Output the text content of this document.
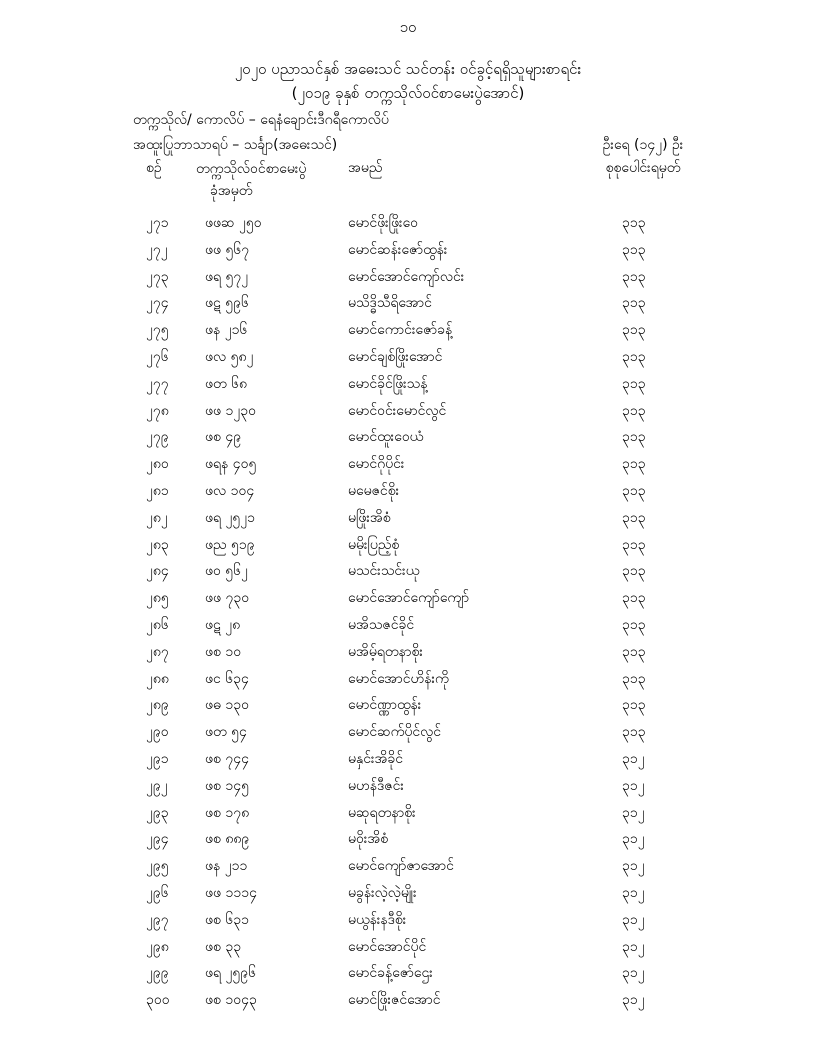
၁၀
၂၀၂၀ ပညာသင်နှစ် အဓေးသင် သင်တန်း ဝင်ခွင့်ရရှိသူများစာရင်း
(၂၀၁၉ ခုနှစ် တက္ကသိုလ်ဝင်စာမေးပွဲအောင်)
တက္ကသိုလ်/ ကောလိပ် – ရေနံချောင်းဒီဂရီကောလိပ်
အထူးပြုဘာသာရပ် – သင်္ချာ(အဓေးသင်)	ဦးရေ (၁၄၂) ဦး
စဉ်	တက္ကသိုလ်ဝင်စာမေးပွဲ
ခုံအမှတ်
အမည်	စုစုပေါင်းရမှတ်
၂၇၁	ဖဖဆ ၂၅၀	မောင်ဖိုးဖြိုးဝေ	၃၁၃
၂၇၂	ဖဖ ၅၆၇	မောင်ဆန်းဇော်ထွန်း	၃၁၃
၂၇၃	ဖရ ၅၇၂	မောင်အောင်ကျော်လင်း	၃၁၃
၂၇၄	ဖဋ ၅၉၆	မသိဒ္ဓိသီရိအောင်	၃၁၃
၂၇၅	ဖန ၂၁၆	မောင်ကောင်းဇော်ခန့်	၃၁၃
၂၇၆	ဖလ ၅၈၂	မောင်ချစ်ဖြိုးအောင်	၃၁၃
၂၇၇	ဖတ ၆၈	မောင်ခိုင်ဖြိုးသန့်	၃၁၃
၂၇၈	ဖဖ ၁၂၃၀	မောင်ဝင်းမောင်လွင်	၃၁၃
၂၇၉	ဖစ ၄၉	မောင်ထူးဝေယံ	၃၁၃
၂၈၀	ဖရန ၄၀၅	မောင်ဂိုပိုင်း	၃၁၃
၂၈၁	ဖလ ၁၀၄	မမေဇင်စိုး	၃၁၃
၂၈၂	ဖရ ၂၅၂၁	မဖြိုးအိစံ	၃၁၃
၂၈၃	ဖည ၅၁၉	မမိုးပြည့်စုံ	၃၁၃
၂၈၄	ဖဝ ၅၆၂	မသင်းသင်းယု	၃၁၃
၂၈၅	ဖဖ ၇၃၀	မောင်အောင်ကျော်ကျော်	၃၁၃
၂၈၆	ဖဋ ၂၈	မအိသဇင်ခိုင်	၃၁၃
၂၈၇	ဖစ ၁၀	မအိမ့်ရတနာစိုး	၃၁၃
၂၈၈	ဖင ၆၃၄	မောင်အောင်ဟိန်းကို	၃၁၃
၂၈၉	ဖဓ ၁၃၀	မောင်ဏ္ဏာထွန်း	၃၁၃
၂၉၀	ဖတ ၅၄	မောင်ဆက်ပိုင်လွင်	၃၁၃
၂၉၁	ဖစ ၇၄၄	မနှင်းအိခိုင်	၃၁၂
၂၉၂	ဖစ ၁၄၅	မဟန်ဒီဇင်း	၃၁၂
၂၉၃	ဖစ ၁၇၈	မဆုရတနာစိုး	၃၁၂
၂၉၄	ဖစ ၈၈၉	မဝိုးအိစံ	၃၁၂
၂၉၅	ဖန ၂၁၁	မောင်ကျော်ဇာအောင်	၃၁၂
၂၉၆	ဖဖ ၁၁၁၄	မခွန်းလဲ့လဲ့မျိုး	၃၁၂
၂၉၇	ဖစ ၆၃၁	မယွန်းနဒီစိုး	၃၁၂
၂၉၈	ဖစ ၃၃	မောင်အောင်ပိုင်	၃၁၂
၂၉၉	ဖရ ၂၅၉၆	မောင်ခန့်ဇော်ဌေး	၃၁၂
၃၀၀	ဖစ ၁၀၄၃	မောင်ဖြိုးဇင်အောင်	၃၁၂
